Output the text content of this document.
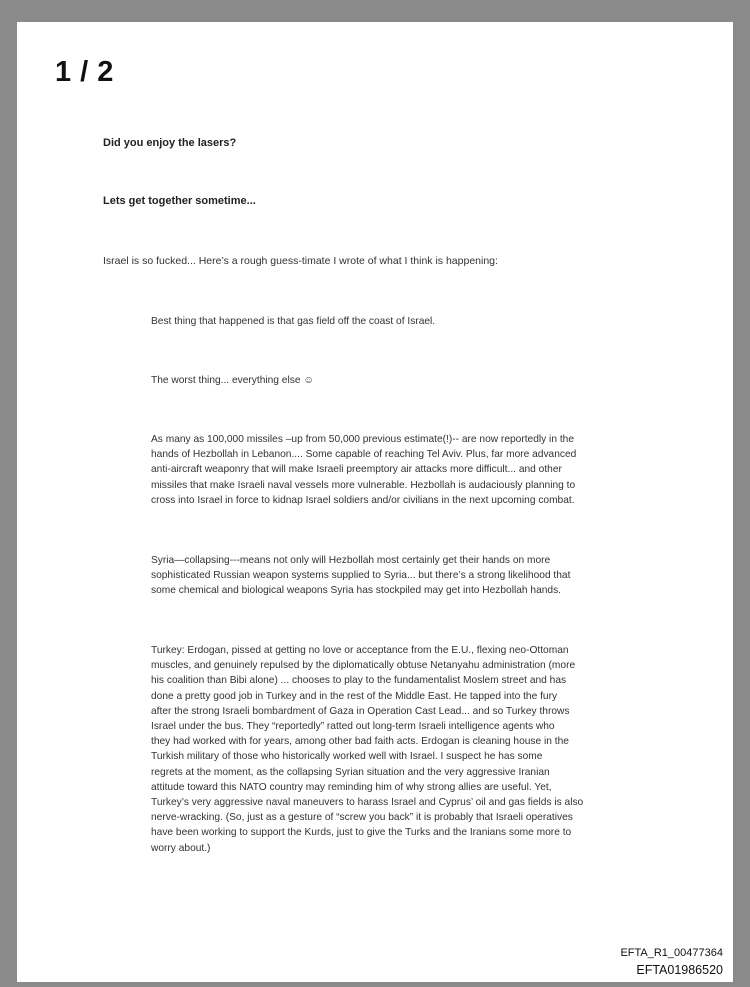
1 / 2

Did you enjoy the lasers?

Lets get together sometime...

Israel is so fucked... Here’s a rough guess-timate I wrote of what I think is happening:

Best thing that happened is that gas field off the coast of Israel.

The worst thing... everything else ☺

As many as 100,000 missiles –up from 50,000 previous estimate(!)-- are now reportedly in the
hands of Hezbollah in Lebanon.... Some capable of reaching Tel Aviv. Plus, far more advanced
anti-aircraft weaponry that will make Israeli preemptory air attacks more difficult... and other
missiles that make Israeli naval vessels more vulnerable. Hezbollah is audaciously planning to
cross into Israel in force to kidnap Israel soldiers and/or civilians in the next upcoming combat.

Syria—collapsing---means not only will Hezbollah most certainly get their hands on more
sophisticated Russian weapon systems supplied to Syria... but there’s a strong likelihood that
some chemical and biological weapons Syria has stockpiled may get into Hezbollah hands.

Turkey: Erdogan, pissed at getting no love or acceptance from the E.U., flexing neo-Ottoman
muscles, and genuinely repulsed by the diplomatically obtuse Netanyahu administration (more
his coalition than Bibi alone) ... chooses to play to the fundamentalist Moslem street and has
done a pretty good job in Turkey and in the rest of the Middle East. He tapped into the fury
after the strong Israeli bombardment of Gaza in Operation Cast Lead... and so Turkey throws
Israel under the bus. They “reportedly” ratted out long-term Israeli intelligence agents who
they had worked with for years, among other bad faith acts. Erdogan is cleaning house in the
Turkish military of those who historically worked well with Israel. I suspect he has some
regrets at the moment, as the collapsing Syrian situation and the very aggressive Iranian
attitude toward this NATO country may reminding him of why strong allies are useful. Yet,
Turkey’s very aggressive naval maneuvers to harass Israel and Cyprus’ oil and gas fields is also
nerve-wracking. (So, just as a gesture of “screw you back” it is probably that Israeli operatives
have been working to support the Kurds, just to give the Turks and the Iranians some more to
worry about.)

EFTA_R1_00477364
EFTA01986520
